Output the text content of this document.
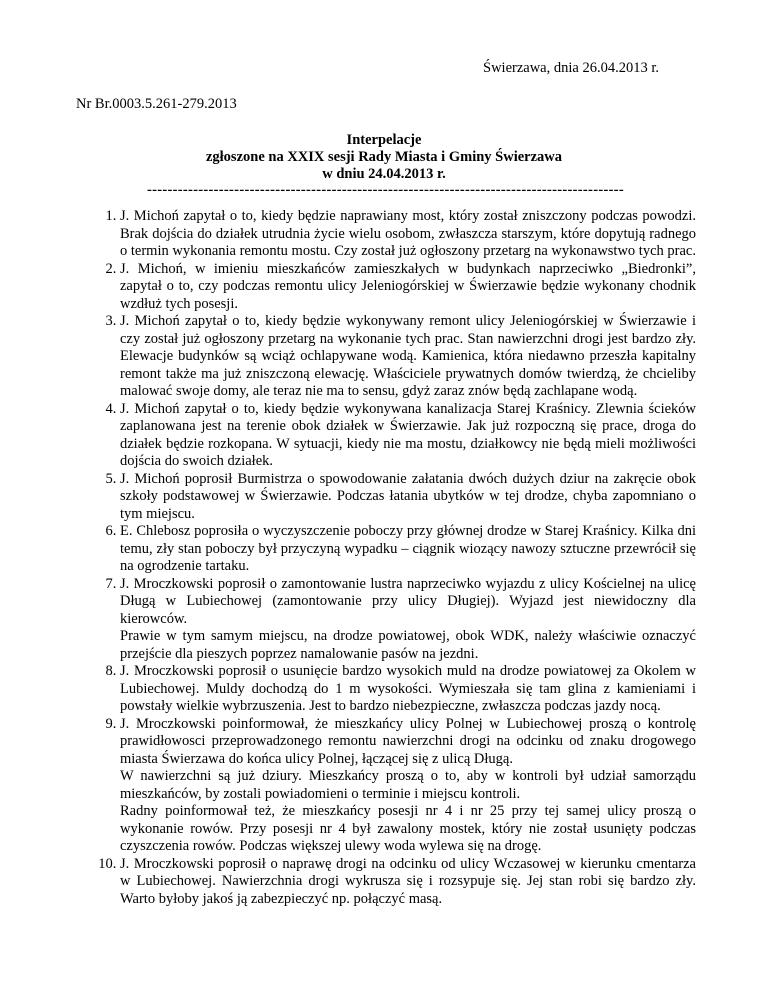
Świerzawa, dnia 26.04.2013 r.
Nr Br.0003.5.261-279.2013
Interpelacje
zgłoszone na XXIX sesji Rady Miasta i Gminy Świerzawa
w dniu 24.04.2013 r.
---------------------------------------------------------------------------------------------

1. J. Michoń zapytał o to, kiedy będzie naprawiany most, który został zniszczony podczas powodzi. Brak dojścia do działek utrudnia życie wielu osobom, zwłaszcza starszym, które dopytują radnego o termin wykonania remontu mostu. Czy został już ogłoszony przetarg na wykonawstwo tych prac.

2. J. Michoń, w imieniu mieszkańców zamieszkałych w budynkach naprzeciwko „Biedronki”, zapytał o to, czy podczas remontu ulicy Jeleniogórskiej w Świerzawie będzie wykonany chodnik wzdłuż tych posesji.

3. J. Michoń zapytał o to, kiedy będzie wykonywany remont ulicy Jeleniogórskiej w Świerzawie i czy został już ogłoszony przetarg na wykonanie tych prac. Stan nawierzchni drogi jest bardzo zły. Elewacje budynków są wciąż ochlapywane wodą. Kamienica, która niedawno przeszła kapitalny remont także ma już zniszczoną elewację. Właściciele prywatnych domów twierdzą, że chcieliby malować swoje domy, ale teraz nie ma to sensu, gdyż zaraz znów będą zachlapane wodą.

4. J. Michoń zapytał o to, kiedy będzie wykonywana kanalizacja Starej Kraśnicy. Zlewnia ścieków zaplanowana jest na terenie obok działek w Świerzawie. Jak już rozpoczną się prace, droga do działek będzie rozkopana. W sytuacji, kiedy nie ma mostu, działkowcy nie będą mieli możliwości dojścia do swoich działek.

5. J. Michoń poprosił Burmistrza o spowodowanie załatania dwóch dużych dziur na zakręcie obok szkoły podstawowej w Świerzawie. Podczas łatania ubytków w tej drodze, chyba zapomniano o tym miejscu.

6. E. Chlebosz poprosiła o wyczyszczenie poboczy przy głównej drodze w Starej Kraśnicy. Kilka dni temu, zły stan poboczy był przyczyną wypadku – ciągnik wiozący nawozy sztuczne przewrócił się na ogrodzenie tartaku.

7. J. Mroczkowski poprosił o zamontowanie lustra naprzeciwko wyjazdu z ulicy Kościelnej na ulicę Długą w Lubiechowej (zamontowanie przy ulicy Długiej). Wyjazd jest niewidoczny dla kierowców.

Prawie w tym samym miejscu, na drodze powiatowej, obok WDK, należy właściwie oznaczyć przejście dla pieszych poprzez namalowanie pasów na jezdni.

8. J. Mroczkowski poprosił o usunięcie bardzo wysokich muld na drodze powiatowej za Okolem w Lubiechowej. Muldy dochodzą do 1 m wysokości. Wymieszała się tam glina z kamieniami i powstały wielkie wybrzuszenia. Jest to bardzo niebezpieczne, zwłaszcza podczas jazdy nocą.

9. J. Mroczkowski poinformował, że mieszkańcy ulicy Polnej w Lubiechowej proszą o kontrolę prawidłowosci przeprowadzonego remontu nawierzchni drogi na odcinku od znaku drogowego miasta Świerzawa do końca ulicy Polnej, łączącej się z ulicą Długą.

W nawierzchni są już dziury. Mieszkańcy proszą o to, aby w kontroli był udział samorządu mieszkańców, by zostali powiadomieni o terminie i miejscu kontroli.

Radny poinformował też, że mieszkańcy posesji nr 4 i nr 25 przy tej samej ulicy proszą o wykonanie rowów. Przy posesji nr 4 był zawalony mostek, który nie został usunięty podczas czyszczenia rowów. Podczas większej ulewy woda wylewa się na drogę.

10. J. Mroczkowski poprosił o naprawę drogi na odcinku od ulicy Wczasowej w kierunku cmentarza w Lubiechowej. Nawierzchnia drogi wykrusza się i rozsypuje się. Jej stan robi się bardzo zły. Warto byłoby jakoś ją zabezpieczyć np. połączyć masą.
